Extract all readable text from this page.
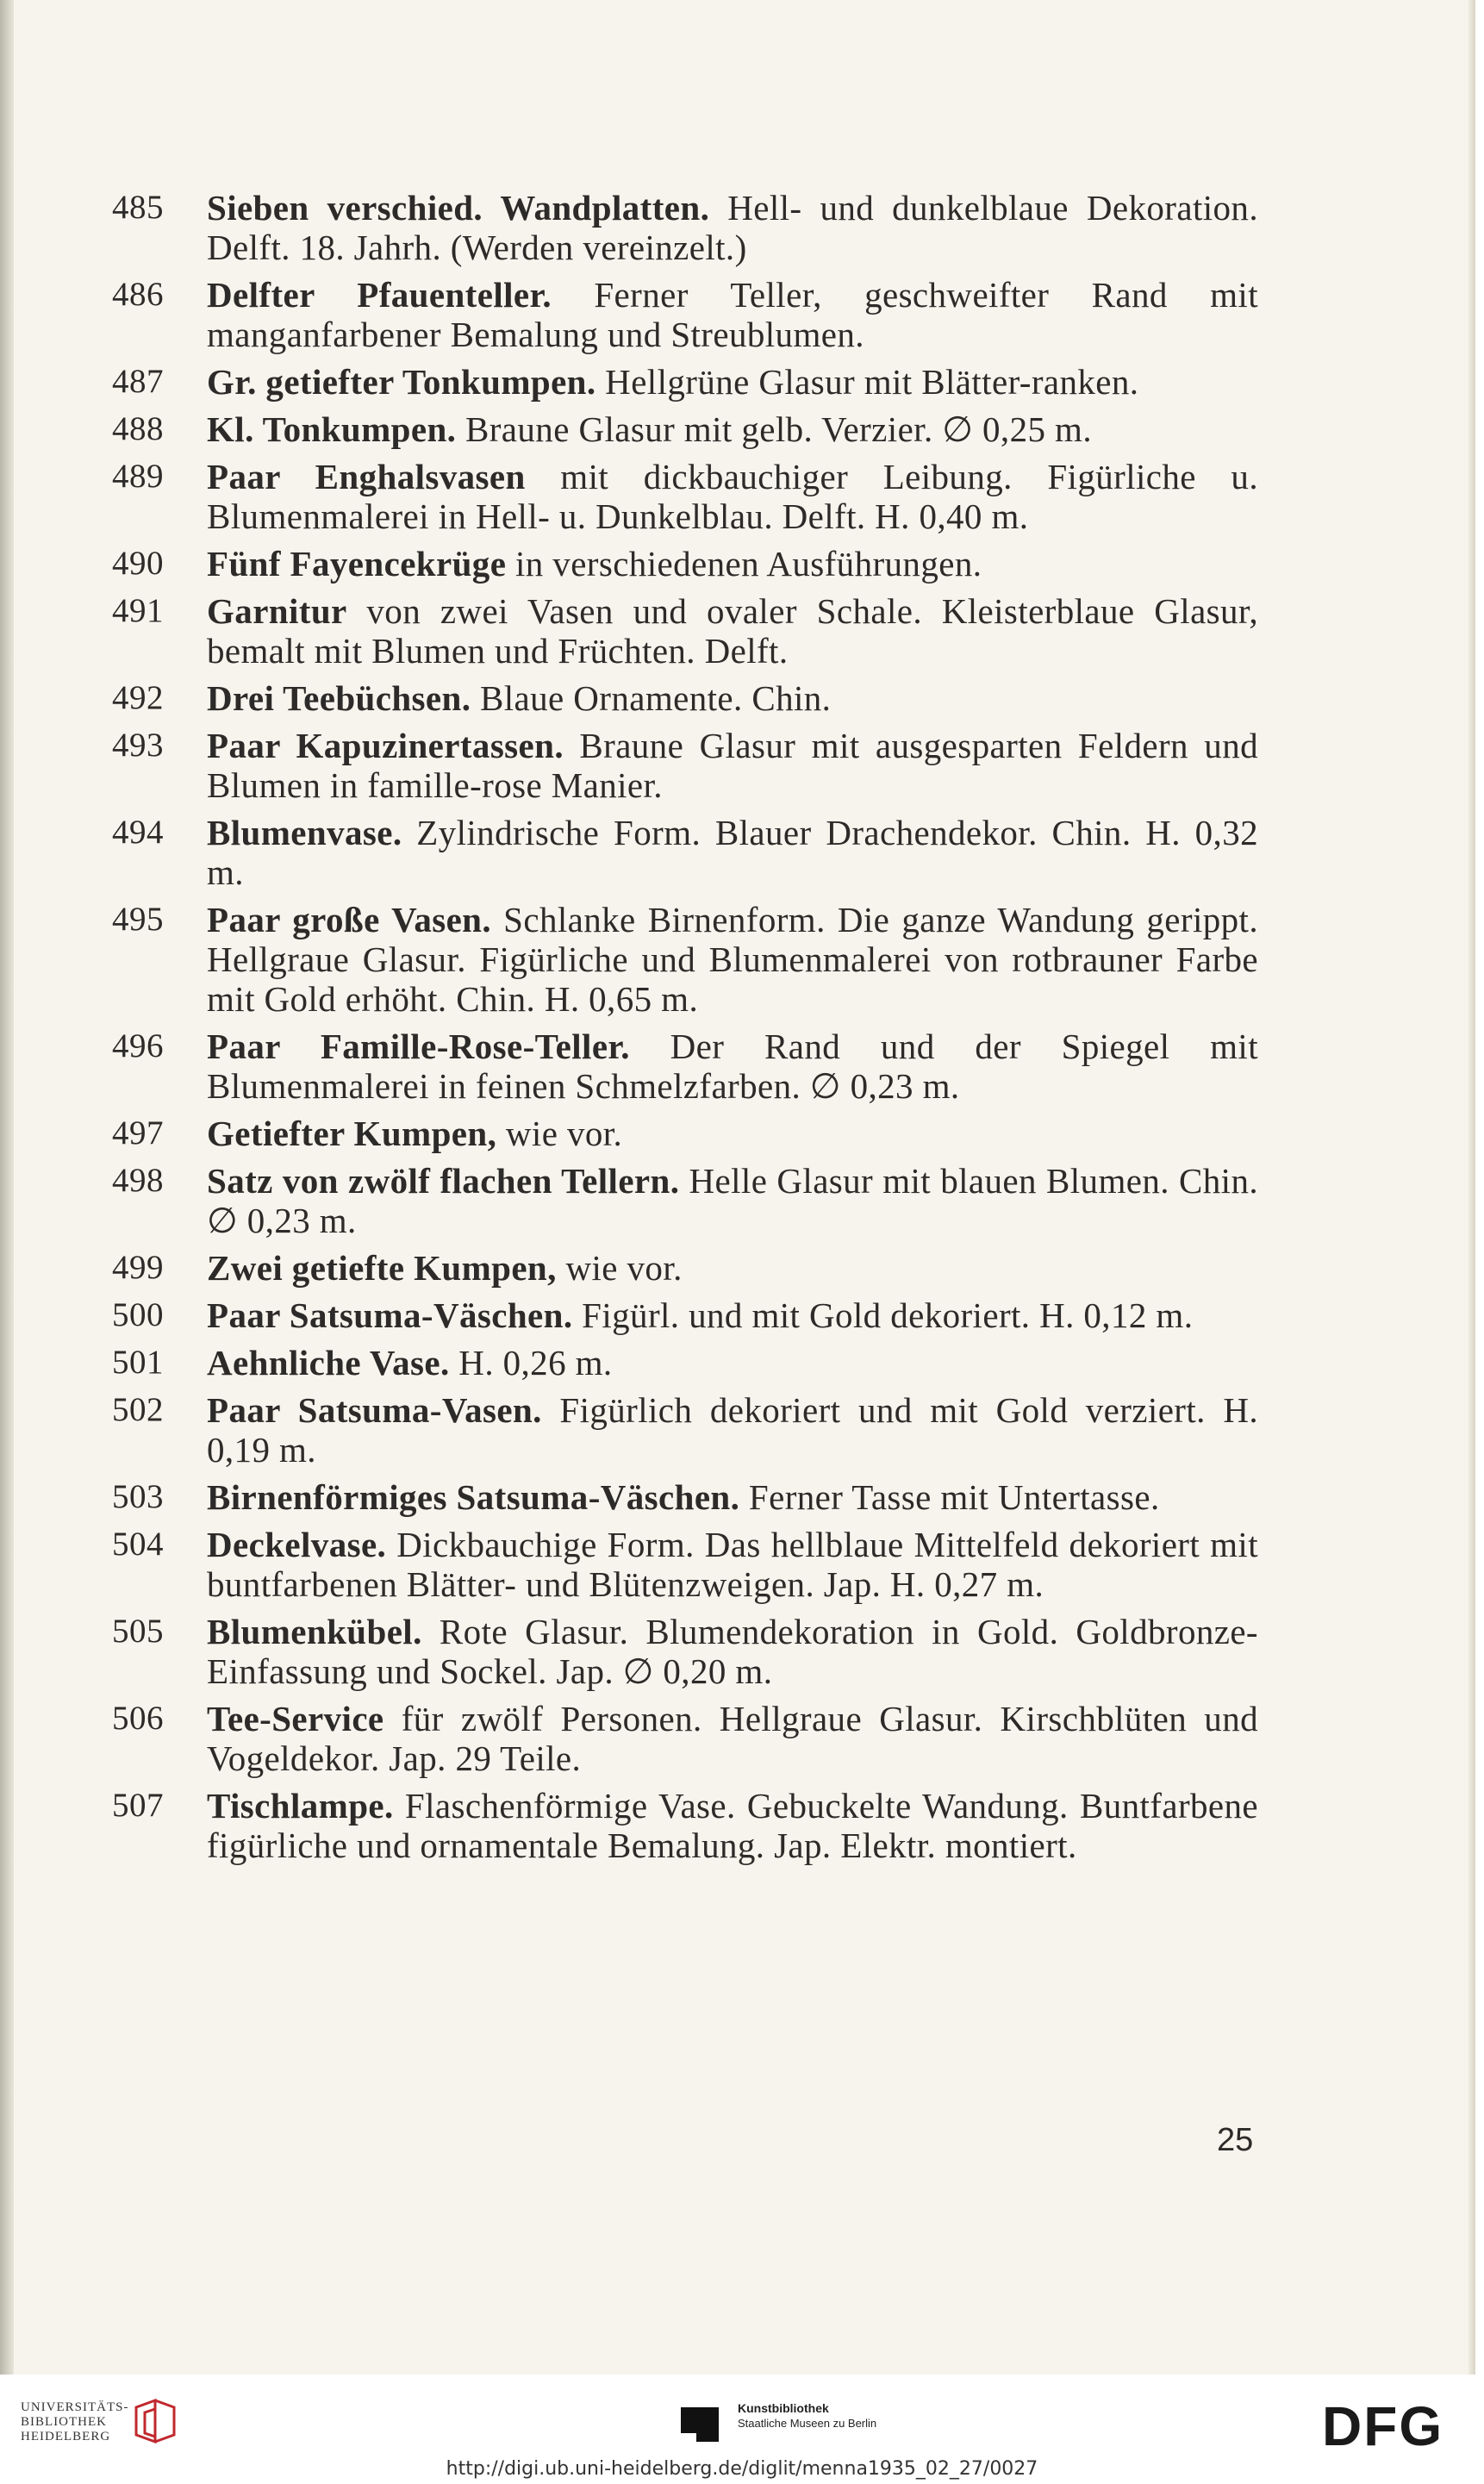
485	Sieben verschied. Wandplatten. Hell- und dunkelblaue Dekoration. Delft. 18. Jahrh. (Werden vereinzelt.)
486	Delfter Pfauenteller. Ferner Teller, geschweifter Rand mit manganfarbener Bemalung und Streublumen.
487	Gr. getiefter Tonkumpen. Hellgrüne Glasur mit Blätter-ranken.
488	Kl. Tonkumpen. Braune Glasur mit gelb. Verzier. ∅ 0,25 m.
489	Paar Enghalsvasen mit dickbauchiger Leibung. Figürliche u. Blumenmalerei in Hell- u. Dunkelblau. Delft. H. 0,40 m.
490	Fünf Fayencekrüge in verschiedenen Ausführungen.
491	Garnitur von zwei Vasen und ovaler Schale. Kleisterblaue Glasur, bemalt mit Blumen und Früchten. Delft.
492	Drei Teebüchsen. Blaue Ornamente. Chin.
493	Paar Kapuzinertassen. Braune Glasur mit ausgesparten Feldern und Blumen in famille-rose Manier.
494	Blumenvase. Zylindrische Form. Blauer Drachendekor. Chin. H. 0,32 m.
495	Paar große Vasen. Schlanke Birnenform. Die ganze Wandung gerippt. Hellgraue Glasur. Figürliche und Blumenmalerei von rotbrauner Farbe mit Gold erhöht. Chin. H. 0,65 m.
496	Paar Famille-Rose-Teller. Der Rand und der Spiegel mit Blumenmalerei in feinen Schmelzfarben. ∅ 0,23 m.
497	Getiefter Kumpen, wie vor.
498	Satz von zwölf flachen Tellern. Helle Glasur mit blauen Blumen. Chin. ∅ 0,23 m.
499	Zwei getiefte Kumpen, wie vor.
500	Paar Satsuma-Väschen. Figürl. und mit Gold dekoriert. H. 0,12 m.
501	Aehnliche Vase. H. 0,26 m.
502	Paar Satsuma-Vasen. Figürlich dekoriert und mit Gold verziert. H. 0,19 m.
503	Birnenförmiges Satsuma-Väschen. Ferner Tasse mit Untertasse.
504	Deckelvase. Dickbauchige Form. Das hellblaue Mittelfeld dekoriert mit buntfarbenen Blätter- und Blütenzweigen. Jap. H. 0,27 m.
505	Blumenkübel. Rote Glasur. Blumendekoration in Gold. Goldbronze-Einfassung und Sockel. Jap. ∅ 0,20 m.
506	Tee-Service für zwölf Personen. Hellgraue Glasur. Kirschblüten und Vogeldekor. Jap. 29 Teile.
507	Tischlampe. Flaschenförmige Vase. Gebuckelte Wandung. Buntfarbene figürliche und ornamentale Bemalung. Jap. Elektr. montiert.
25
UNIVERSITÄTS-
BIBLIOTHEK
HEIDELBERG
Kunstbibliothek
Staatliche Museen zu Berlin	DFG
http://digi.ub.uni-heidelberg.de/diglit/menna1935_02_27/0027
